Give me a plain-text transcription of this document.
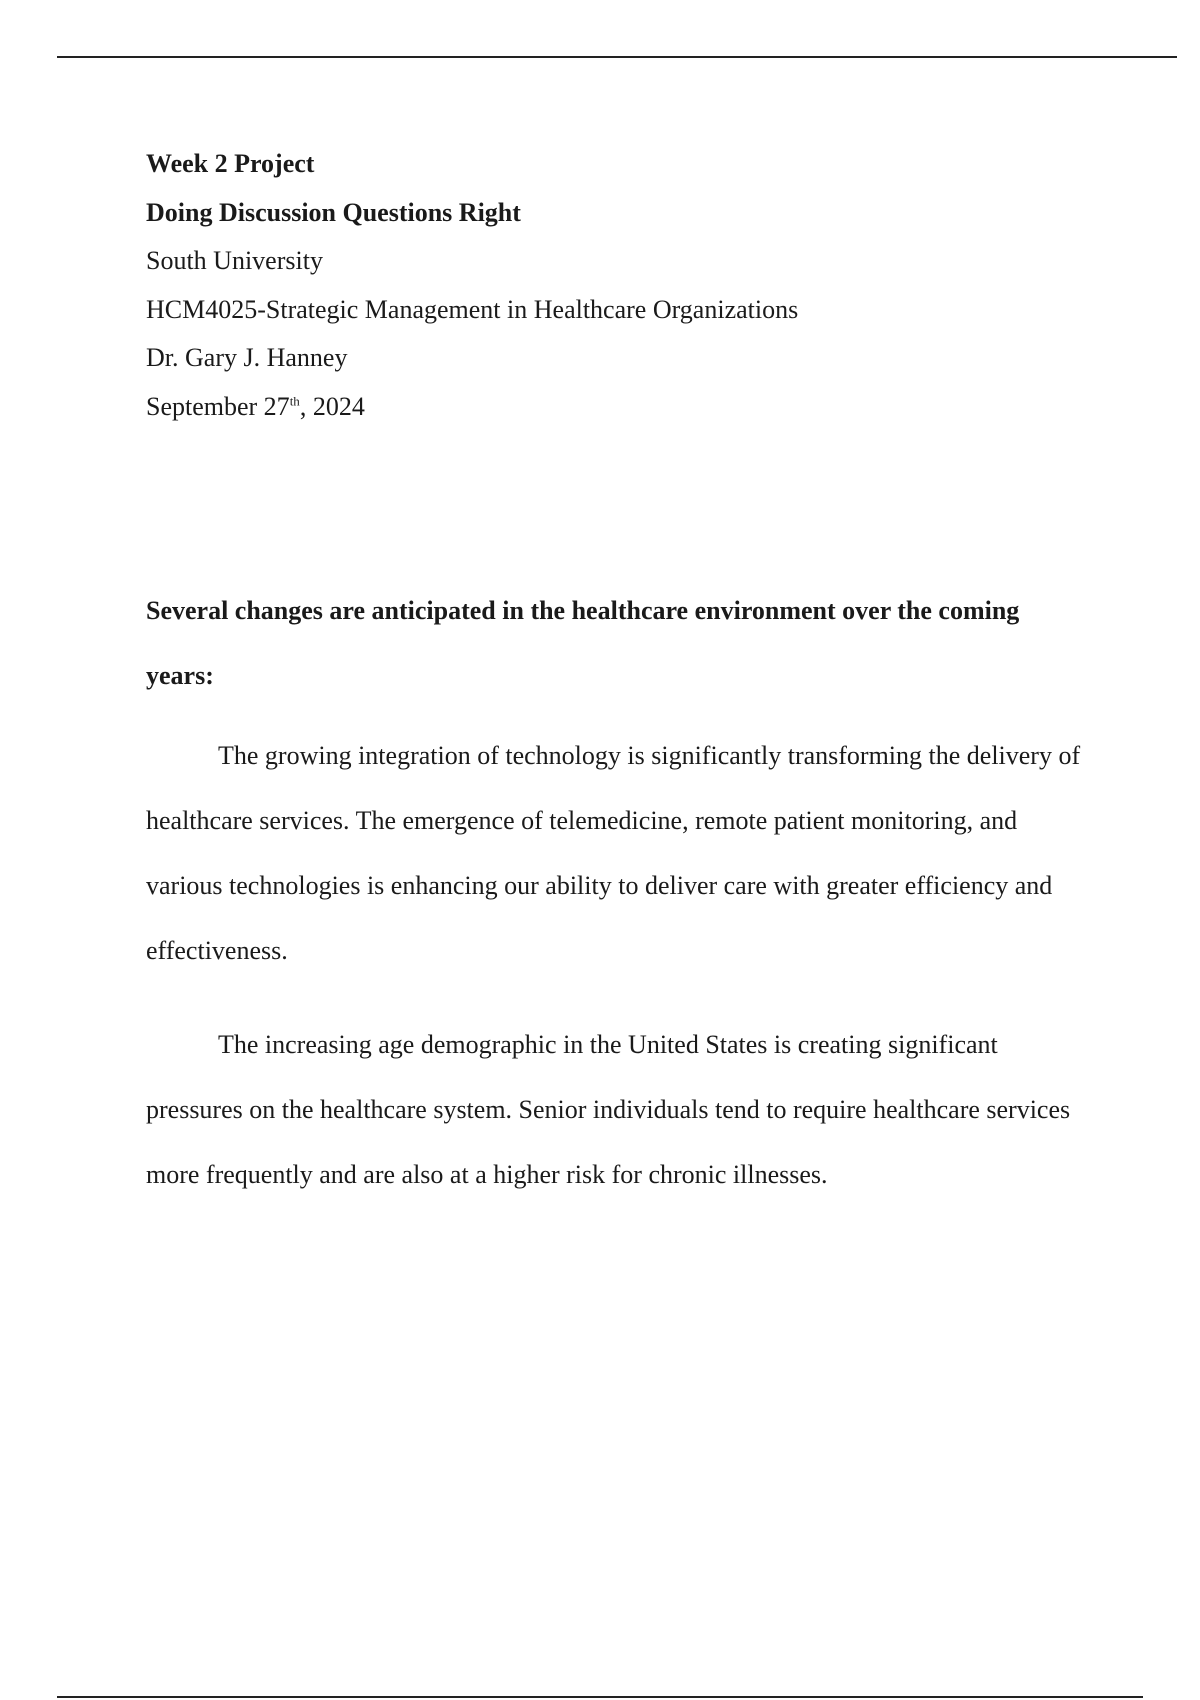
Week 2 Project
Doing Discussion Questions Right
South University
HCM4025-Strategic Management in Healthcare Organizations
Dr. Gary J. Hanney
September 27th, 2024
Several changes are anticipated in the healthcare environment over the coming years:

The growing integration of technology is significantly transforming the delivery of healthcare services. The emergence of telemedicine, remote patient monitoring, and various technologies is enhancing our ability to deliver care with greater efficiency and effectiveness.

The increasing age demographic in the United States is creating significant pressures on the healthcare system. Senior individuals tend to require healthcare services more frequently and are also at a higher risk for chronic illnesses.
